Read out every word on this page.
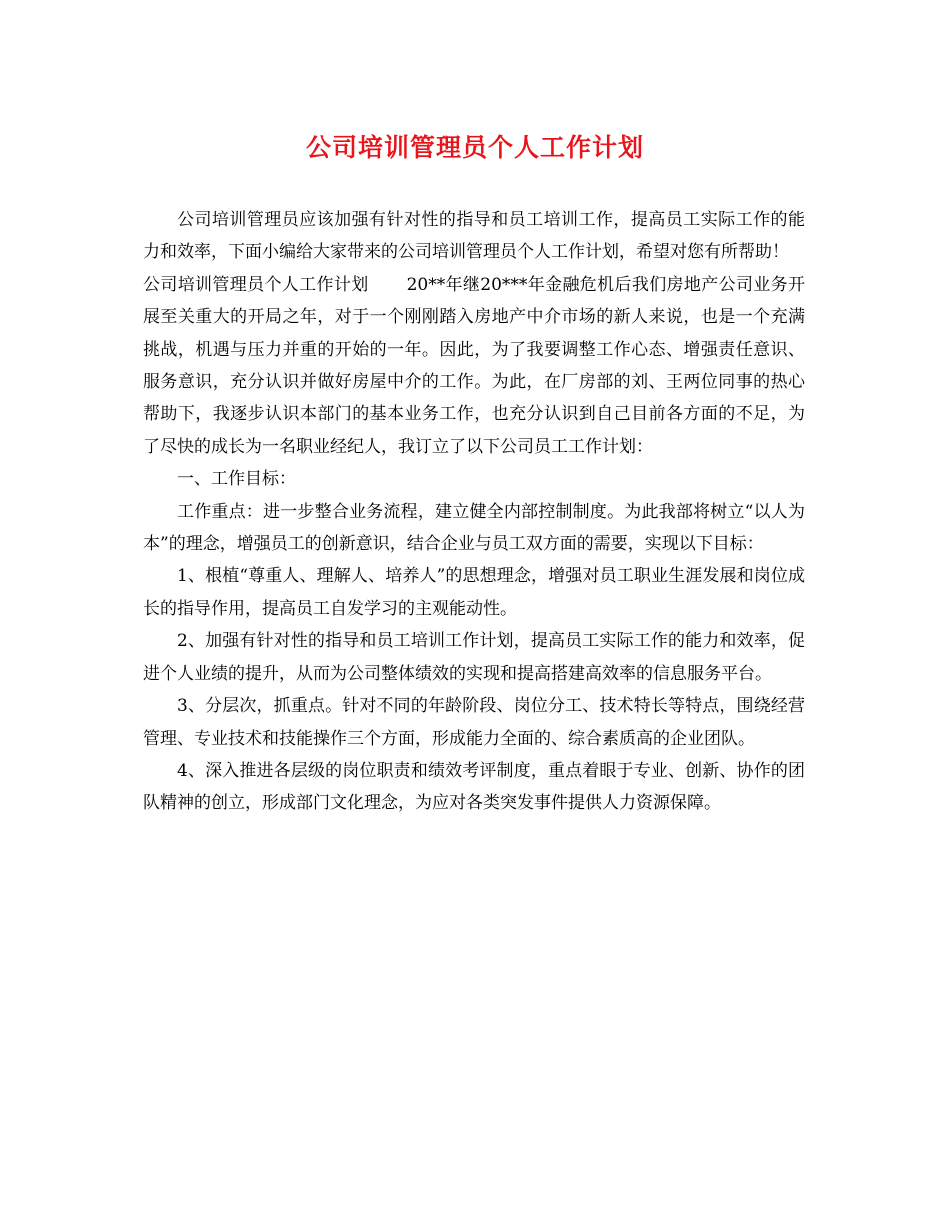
公司培训管理员个人工作计划

公司培训管理员应该加强有针对性的指导和员工培训工作，提高员工实际工作的能力和效率，下面小编给大家带来的公司培训管理员个人工作计划，希望对您有所帮助！

公司培训管理员个人工作计划 20**年继20***年金融危机后我们房地产公司业务开展至关重大的开局之年，对于一个刚刚踏入房地产中介市场的新人来说，也是一个充满挑战，机遇与压力并重的开始的一年。因此，为了我要调整工作心态、增强责任意识、服务意识，充分认识并做好房屋中介的工作。为此，在厂房部的刘、王两位同事的热心帮助下，我逐步认识本部门的基本业务工作，也充分认识到自己目前各方面的不足，为了尽快的成长为一名职业经纪人，我订立了以下公司员工工作计划：

一、工作目标：

工作重点：进一步整合业务流程，建立健全内部控制制度。为此我部将树立“以人为本”的理念，增强员工的创新意识，结合企业与员工双方面的需要，实现以下目标：

1、根植“尊重人、理解人、培养人”的思想理念，增强对员工职业生涯发展和岗位成长的指导作用，提高员工自发学习的主观能动性。

2、加强有针对性的指导和员工培训工作计划，提高员工实际工作的能力和效率，促进个人业绩的提升，从而为公司整体绩效的实现和提高搭建高效率的信息服务平台。

3、分层次，抓重点。针对不同的年龄阶段、岗位分工、技术特长等特点，围绕经营管理、专业技术和技能操作三个方面，形成能力全面的、综合素质高的企业团队。

4、深入推进各层级的岗位职责和绩效考评制度，重点着眼于专业、创新、协作的团队精神的创立，形成部门文化理念，为应对各类突发事件提供人力资源保障。
